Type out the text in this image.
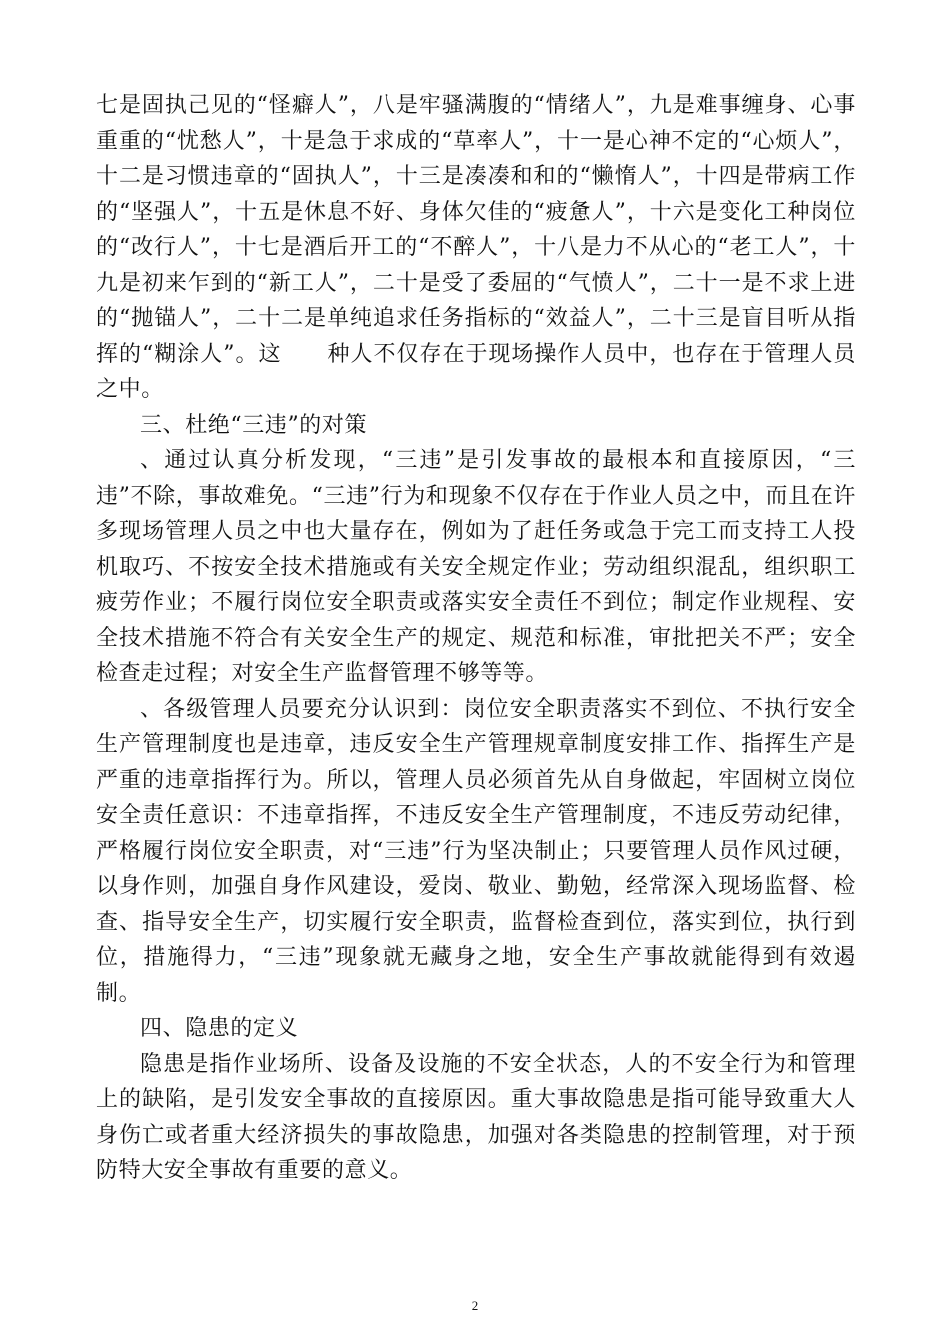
七是固执己见的“怪癖人”，八是牢骚满腹的“情绪人”，九是难事缠身、心事重重的“忧愁人”，十是急于求成的“草率人”，十一是心神不定的“心烦人”，十二是习惯违章的“固执人”，十三是凑凑和和的“懒惰人”，十四是带病工作的“坚强人”，十五是休息不好、身体欠佳的“疲惫人”，十六是变化工种岗位的“改行人”，十七是酒后开工的“不醉人”，十八是力不从心的“老工人”，十九是初来乍到的“新工人”，二十是受了委屈的“气愤人”，二十一是不求上进的“抛锚人”，二十二是单纯追求任务指标的“效益人”，二十三是盲目听从指挥的“糊涂人”。这　　种人不仅存在于现场操作人员中，也存在于管理人员之中。

三、杜绝“三违”的对策

、通过认真分析发现，“三违”是引发事故的最根本和直接原因，“三违”不除，事故难免。“三违”行为和现象不仅存在于作业人员之中，而且在许多现场管理人员之中也大量存在，例如为了赶任务或急于完工而支持工人投机取巧、不按安全技术措施或有关安全规定作业；劳动组织混乱，组织职工疲劳作业；不履行岗位安全职责或落实安全责任不到位；制定作业规程、安全技术措施不符合有关安全生产的规定、规范和标准，审批把关不严；安全检查走过程；对安全生产监督管理不够等等。

、各级管理人员要充分认识到：岗位安全职责落实不到位、不执行安全生产管理制度也是违章，违反安全生产管理规章制度安排工作、指挥生产是严重的违章指挥行为。所以，管理人员必须首先从自身做起，牢固树立岗位安全责任意识：不违章指挥，不违反安全生产管理制度，不违反劳动纪律，严格履行岗位安全职责，对“三违”行为坚决制止；只要管理人员作风过硬，以身作则，加强自身作风建设，爱岗、敬业、勤勉，经常深入现场监督、检查、指导安全生产，切实履行安全职责，监督检查到位，落实到位，执行到位，措施得力，“三违”现象就无藏身之地，安全生产事故就能得到有效遏制。

四、隐患的定义

隐患是指作业场所、设备及设施的不安全状态，人的不安全行为和管理上的缺陷，是引发安全事故的直接原因。重大事故隐患是指可能导致重大人身伤亡或者重大经济损失的事故隐患，加强对各类隐患的控制管理，对于预防特大安全事故有重要的意义。

2
